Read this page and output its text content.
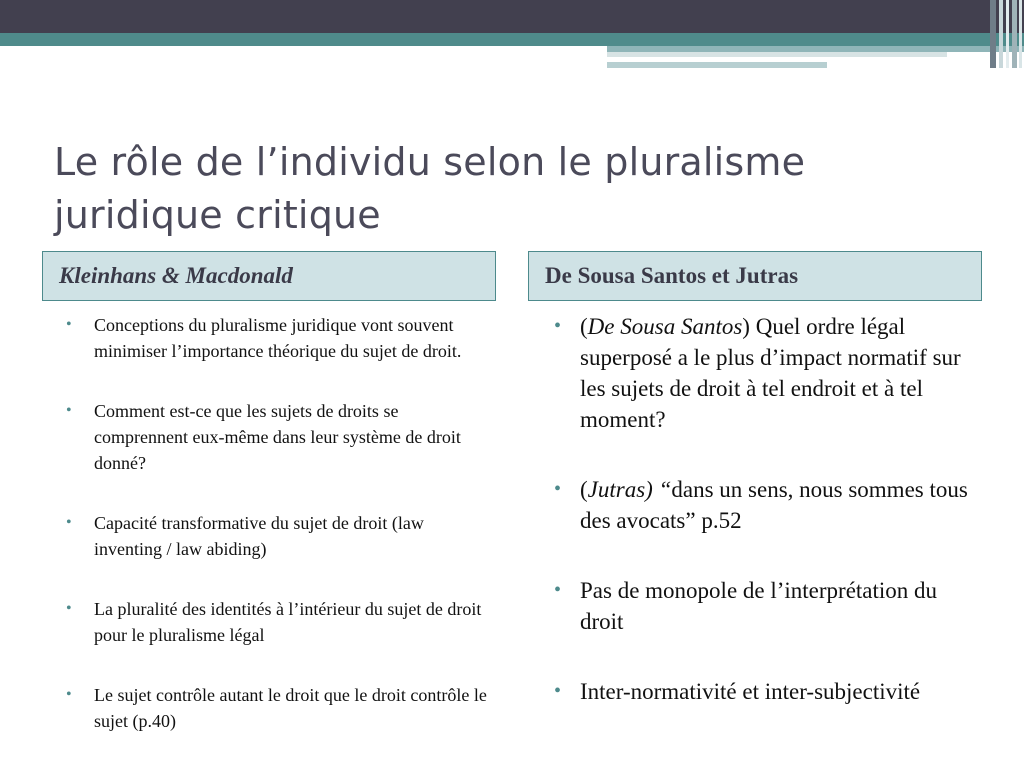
Le rôle de l’individu selon le pluralisme juridique critique
Kleinhans & Macdonald	De Sousa Santos et Jutras
• Conceptions du pluralisme juridique vont souvent minimiser l’importance théorique du sujet de droit.
• Comment est-ce que les sujets de droits se comprennent eux-même dans leur système de droit donné?
• Capacité transformative du sujet de droit (law inventing / law abiding)
• La pluralité des identités à l’intérieur du sujet de droit pour le pluralisme légal
• Le sujet contrôle autant le droit que le droit contrôle le sujet (p.40)
• (De Sousa Santos) Quel ordre légal superposé a le plus d’impact normatif sur les sujets de droit à tel endroit et à tel moment?
• (Jutras) “dans un sens, nous sommes tous des avocats” p.52
• Pas de monopole de l’interprétation du droit
• Inter-normativité et inter-subjectivité
